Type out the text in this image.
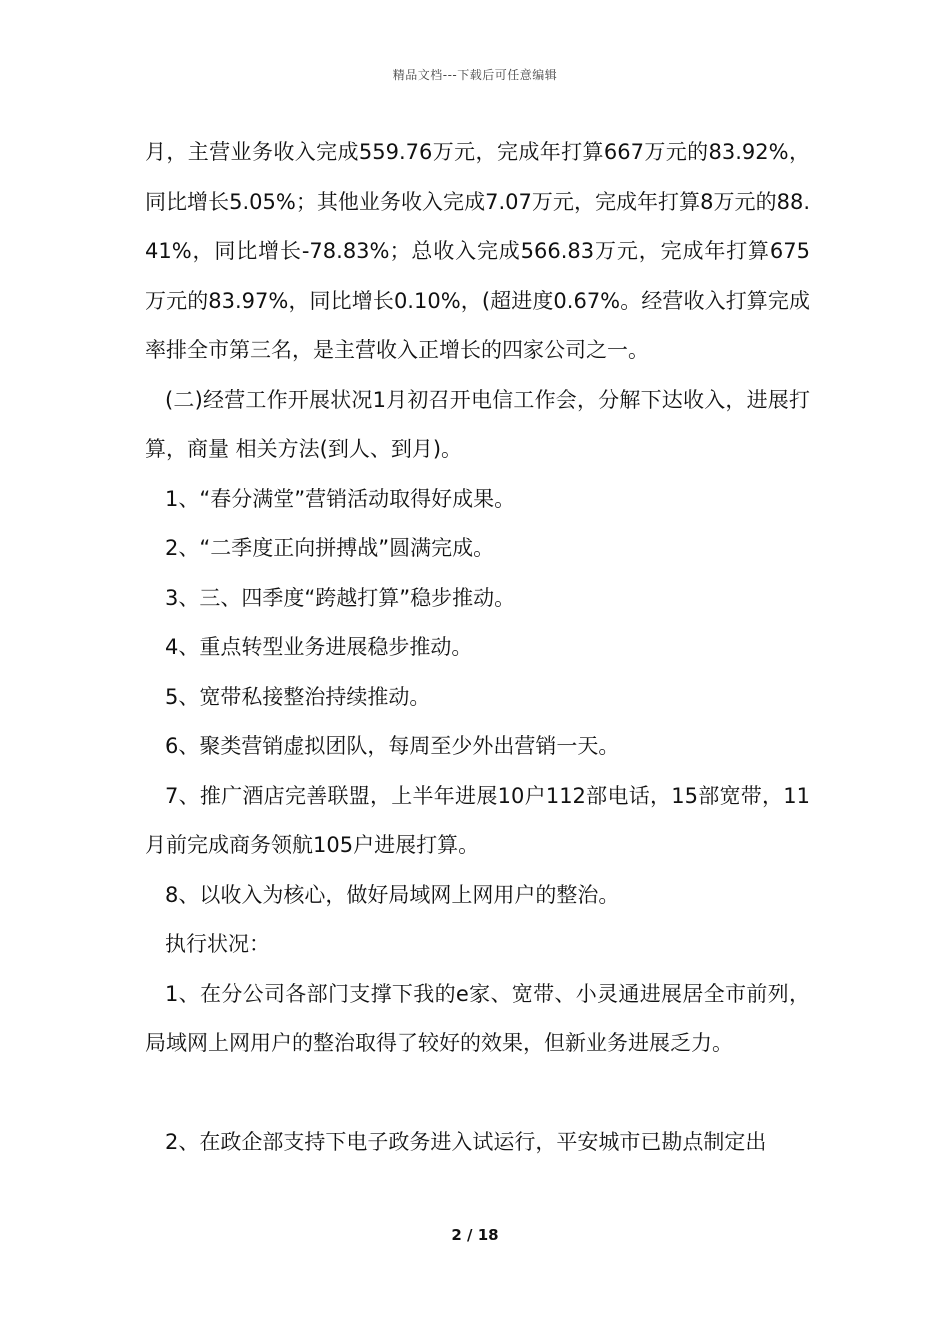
精品文档---下载后可任意编辑

月，主营业务收入完成559.76万元，完成年打算667万元的83.92%，同比增长5.05%；其他业务收入完成7.07万元，完成年打算8万元的88.41%，同比增长-78.83%；总收入完成566.83万元，完成年打算675万元的83.97%，同比增长0.10%，(超进度0.67%。经营收入打算完成率排全市第三名，是主营收入正增长的四家公司之一。

(二)经营工作开展状况1月初召开电信工作会，分解下达收入，进展打算，商量 相关方法(到人、到月)。

1、“春分满堂”营销活动取得好成果。

2、“二季度正向拼搏战”圆满完成。

3、三、四季度“跨越打算”稳步推动。

4、重点转型业务进展稳步推动。

5、宽带私接整治持续推动。

6、聚类营销虚拟团队，每周至少外出营销一天。

7、推广酒店完善联盟，上半年进展10户112部电话，15部宽带，11月前完成商务领航105户进展打算。

8、以收入为核心，做好局域网上网用户的整治。

执行状况：

1、在分公司各部门支撑下我的e家、宽带、小灵通进展居全市前列，局域网上网用户的整治取得了较好的效果，但新业务进展乏力。

2、在政企部支持下电子政务进入试运行，平安城市已勘点制定出

2 / 18
